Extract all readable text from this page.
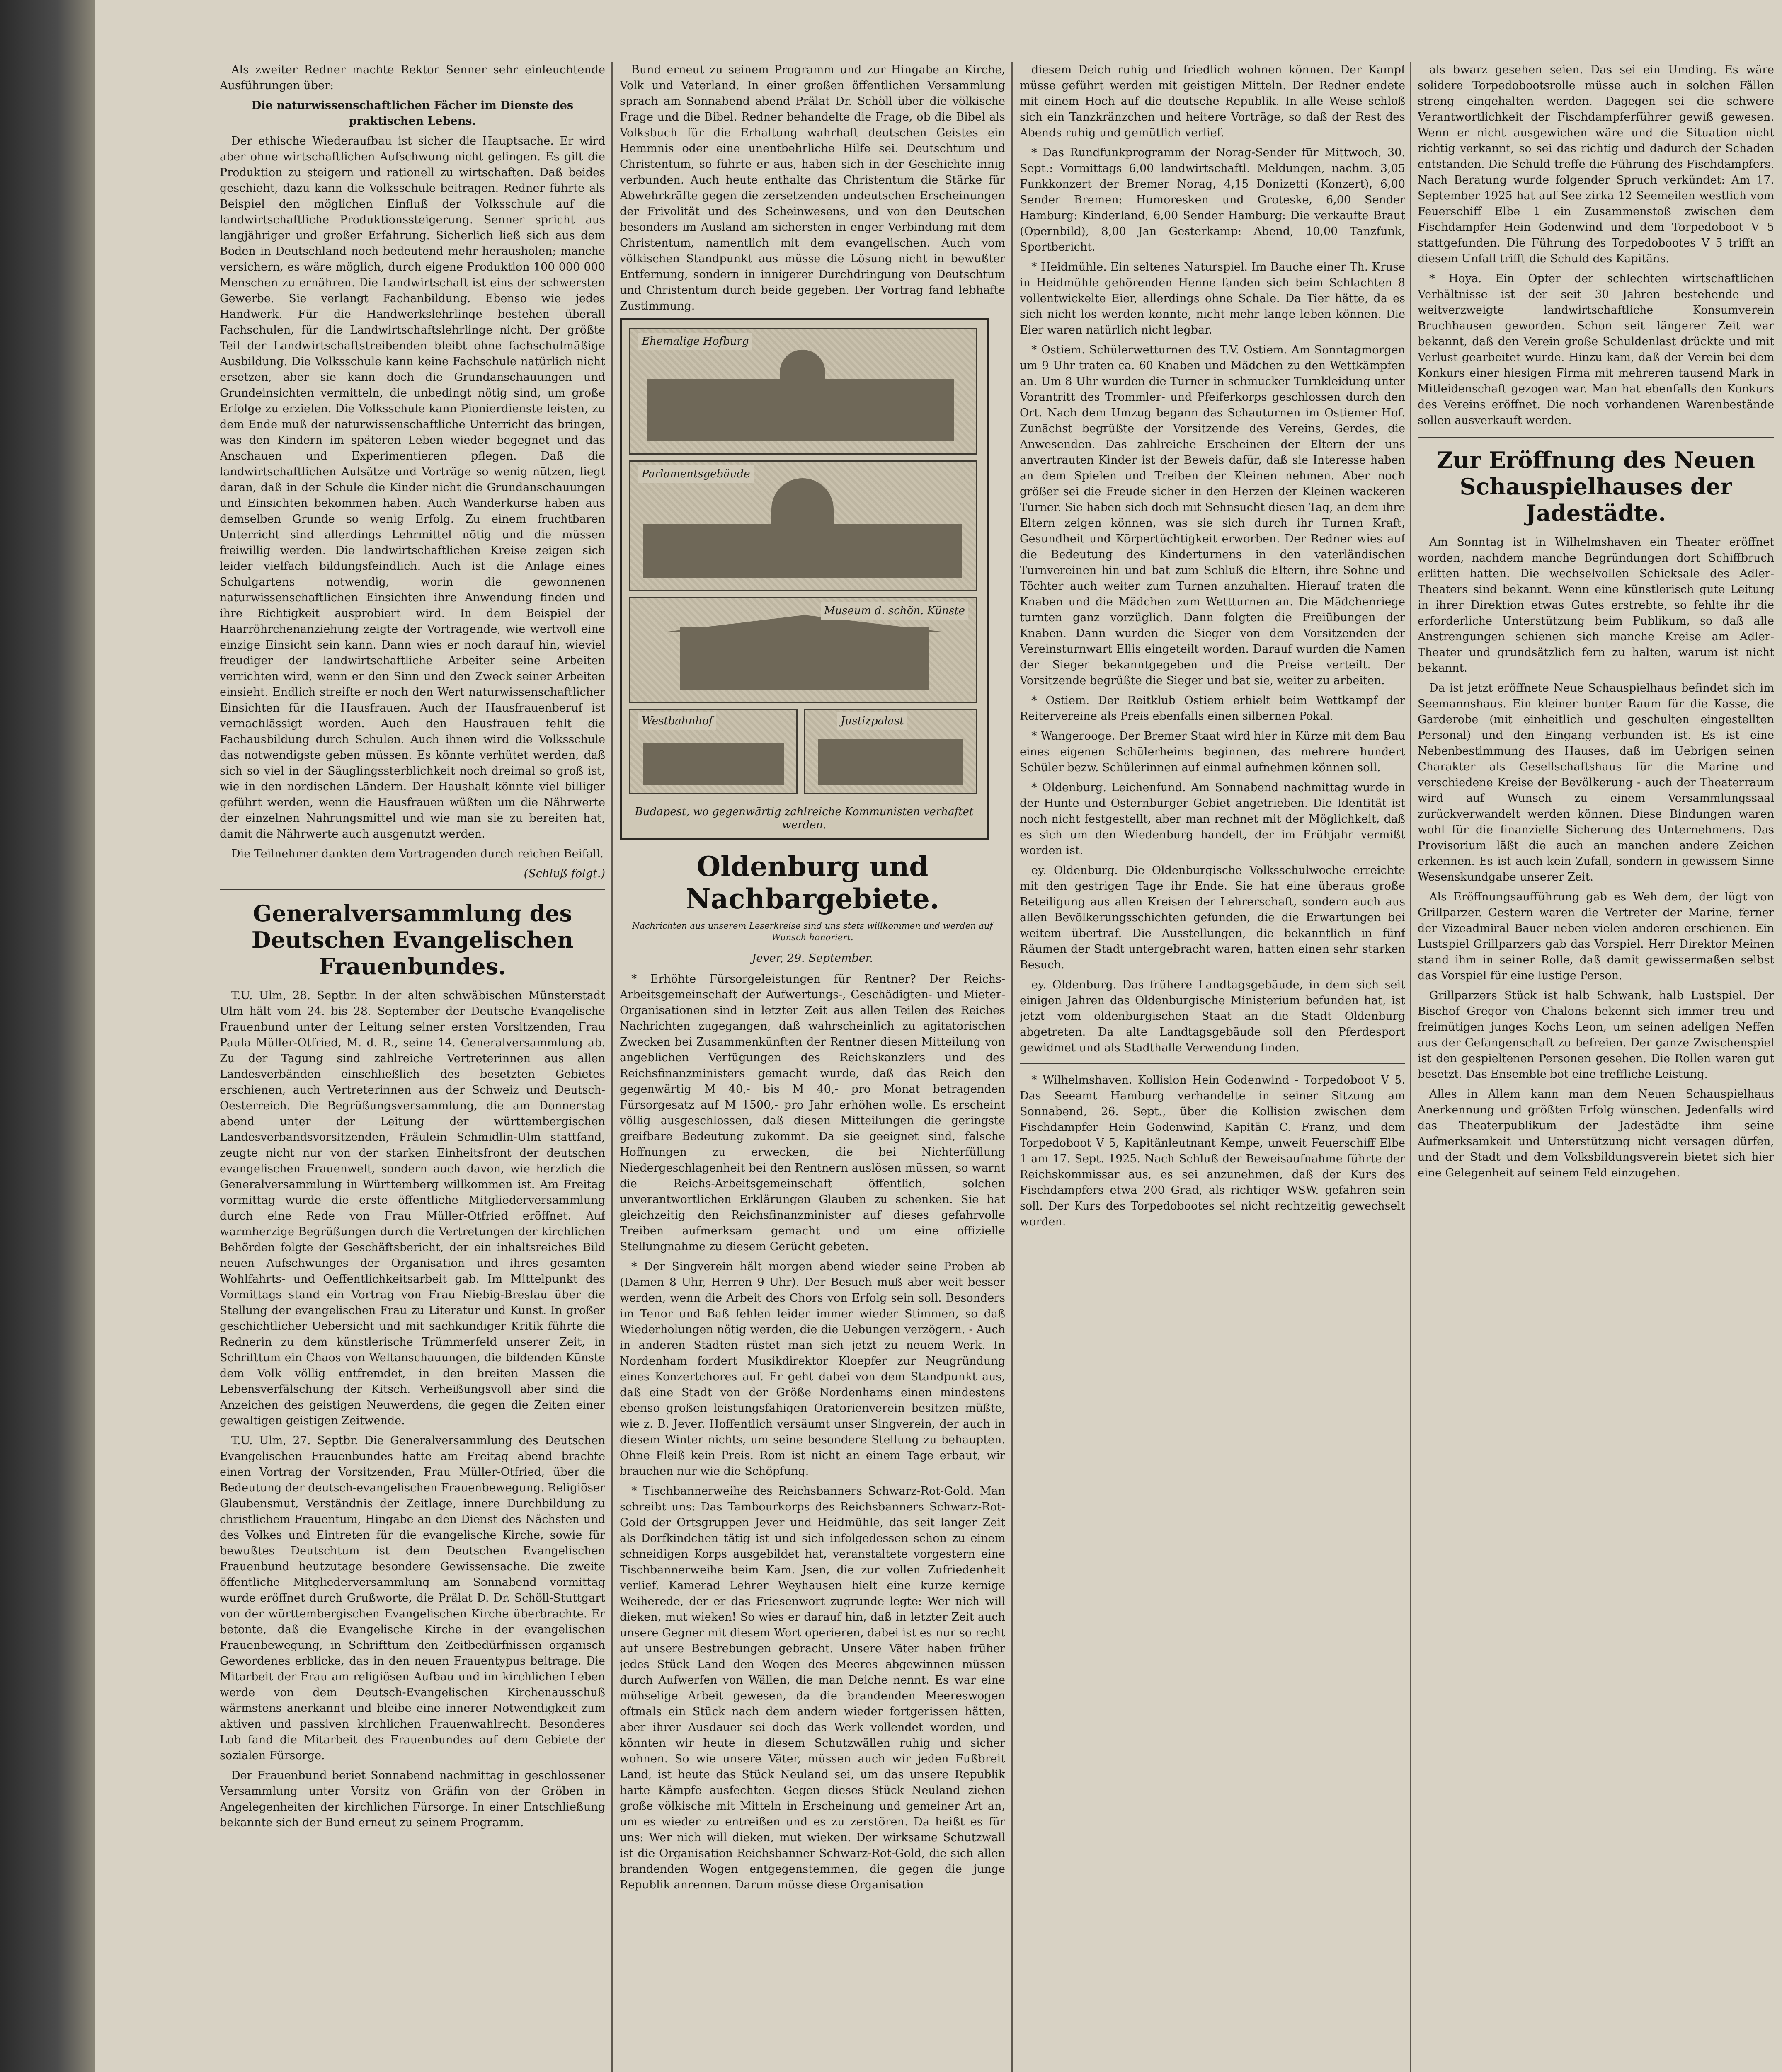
Als zweiter Redner machte Rektor Senner sehr einleuchtende Ausführungen über:

Die naturwissenschaftlichen Fächer im Dienste des praktischen Lebens.

Der ethische Wiederaufbau ist sicher die Hauptsache. Er wird aber ohne wirtschaftlichen Aufschwung nicht gelingen. Es gilt die Produktion zu steigern und rationell zu wirtschaften. Daß beides geschieht, dazu kann die Volksschule beitragen. Redner führte als Beispiel den möglichen Einfluß der Volksschule auf die landwirtschaftliche Produktionssteigerung. Senner spricht aus langjähriger und großer Erfahrung. Sicherlich ließ sich aus dem Boden in Deutschland noch bedeutend mehr herausholen; manche versichern, es wäre möglich, durch eigene Produktion 100 000 000 Menschen zu ernähren. Die Landwirtschaft ist eins der schwersten Gewerbe. Sie verlangt Fachanbildung. Ebenso wie jedes Handwerk. Für die Handwerkslehrlinge bestehen überall Fachschulen, für die Landwirtschaftslehrlinge nicht. Der größte Teil der Landwirtschaftstreibenden bleibt ohne fachschulmäßige Ausbildung. Die Volksschule kann keine Fachschule natürlich nicht ersetzen, aber sie kann doch die Grundanschauungen und Grundeinsichten vermitteln, die unbedingt nötig sind, um große Erfolge zu erzielen. Die Volksschule kann Pionierdienste leisten, zu dem Ende muß der naturwissenschaftliche Unterricht das bringen, was den Kindern im späteren Leben wieder begegnet und das Anschauen und Experimentieren pflegen. Daß die landwirtschaftlichen Aufsätze und Vorträge so wenig nützen, liegt daran, daß in der Schule die Kinder nicht die Grundanschauungen und Einsichten bekommen haben. Auch Wanderkurse haben aus demselben Grunde so wenig Erfolg. Zu einem fruchtbaren Unterricht sind allerdings Lehrmittel nötig und die müssen freiwillig werden. Die landwirtschaftlichen Kreise zeigen sich leider vielfach bildungsfeindlich. Auch ist die Anlage eines Schulgartens notwendig, worin die gewonnenen naturwissenschaftlichen Einsichten ihre Anwendung finden und ihre Richtigkeit ausprobiert wird. In dem Beispiel der Haarröhrchenanziehung zeigte der Vortragende, wie wertvoll eine einzige Einsicht sein kann. Dann wies er noch darauf hin, wieviel freudiger der landwirtschaftliche Arbeiter seine Arbeiten verrichten wird, wenn er den Sinn und den Zweck seiner Arbeiten einsieht. Endlich streifte er noch den Wert naturwissenschaftlicher Einsichten für die Hausfrauen. Auch der Hausfrauenberuf ist vernachlässigt worden. Auch den Hausfrauen fehlt die Fachausbildung durch Schulen. Auch ihnen wird die Volksschule das notwendigste geben müssen. Es könnte verhütet werden, daß sich so viel in der Säuglingssterblichkeit noch dreimal so groß ist, wie in den nordischen Ländern. Der Haushalt könnte viel billiger geführt werden, wenn die Hausfrauen wüßten um die Nährwerte der einzelnen Nahrungsmittel und wie man sie zu bereiten hat, damit die Nährwerte auch ausgenutzt werden.

Die Teilnehmer dankten dem Vortragenden durch reichen Beifall.

(Schluß folgt.)

Generalversammlung des Deutschen Evangelischen Frauenbundes.

T.U. Ulm, 28. Septbr. In der alten schwäbischen Münsterstadt Ulm hält vom 24. bis 28. September der Deutsche Evangelische Frauenbund unter der Leitung seiner ersten Vorsitzenden, Frau Paula Müller-Otfried, M. d. R., seine 14. Generalversammlung ab. Zu der Tagung sind zahlreiche Vertreterinnen aus allen Landesverbänden einschließlich des besetzten Gebietes erschienen, auch Vertreterinnen aus der Schweiz und Deutsch-Oesterreich. Die Begrüßungsversammlung, die am Donnerstag abend unter der Leitung der württembergischen Landesverbandsvorsitzenden, Fräulein Schmidlin-Ulm stattfand, zeugte nicht nur von der starken Einheitsfront der deutschen evangelischen Frauenwelt, sondern auch davon, wie herzlich die Generalversammlung in Württemberg willkommen ist. Am Freitag vormittag wurde die erste öffentliche Mitgliederversammlung durch eine Rede von Frau Müller-Otfried eröffnet. Auf warmherzige Begrüßungen durch die Vertretungen der kirchlichen Behörden folgte der Geschäftsbericht, der ein inhaltsreiches Bild neuen Aufschwunges der Organisation und ihres gesamten Wohlfahrts- und Oeffentlichkeitsarbeit gab. Im Mittelpunkt des Vormittags stand ein Vortrag von Frau Niebig-Breslau über die Stellung der evangelischen Frau zu Literatur und Kunst. In großer geschichtlicher Uebersicht und mit sachkundiger Kritik führte die Rednerin zu dem künstlerische Trümmerfeld unserer Zeit, in Schrifttum ein Chaos von Weltanschauungen, die bildenden Künste dem Volk völlig entfremdet, in den breiten Massen die Lebensverfälschung der Kitsch. Verheißungsvoll aber sind die Anzeichen des geistigen Neuwerdens, die gegen die Zeiten einer gewaltigen geistigen Zeitwende.

T.U. Ulm, 27. Septbr. Die Generalversammlung des Deutschen Evangelischen Frauenbundes hatte am Freitag abend brachte einen Vortrag der Vorsitzenden, Frau Müller-Otfried, über die Bedeutung der deutsch-evangelischen Frauenbewegung. Religiöser Glaubensmut, Verständnis der Zeitlage, innere Durchbildung zu christlichem Frauentum, Hingabe an den Dienst des Nächsten und des Volkes und Eintreten für die evangelische Kirche, sowie für bewußtes Deutschtum ist dem Deutschen Evangelischen Frauenbund heutzutage besondere Gewissensache. Die zweite öffentliche Mitgliederversammlung am Sonnabend vormittag wurde eröffnet durch Grußworte, die Prälat D. Dr. Schöll-Stuttgart von der württembergischen Evangelischen Kirche überbrachte. Er betonte, daß die Evangelische Kirche in der evangelischen Frauenbewegung, in Schrifttum den Zeitbedürfnissen organisch Gewordenes erblicke, das in den neuen Frauentypus beitrage. Die Mitarbeit der Frau am religiösen Aufbau und im kirchlichen Leben werde von dem Deutsch-Evangelischen Kirchenausschuß wärmstens anerkannt und bleibe eine innerer Notwendigkeit zum aktiven und passiven kirchlichen Frauenwahlrecht. Besonderes Lob fand die Mitarbeit des Frauenbundes auf dem Gebiete der sozialen Fürsorge.

Der Frauenbund beriet Sonnabend nachmittag in geschlossener Versammlung unter Vorsitz von Gräfin von der Gröben in Angelegenheiten der kirchlichen Fürsorge. In einer Entschließung bekannte sich der Bund erneut zu seinem Programm.

Bund erneut zu seinem Programm und zur Hingabe an Kirche, Volk und Vaterland. In einer großen öffentlichen Versammlung sprach am Sonnabend abend Prälat Dr. Schöll über die völkische Frage und die Bibel. Redner behandelte die Frage, ob die Bibel als Volksbuch für die Erhaltung wahrhaft deutschen Geistes ein Hemmnis oder eine unentbehrliche Hilfe sei. Deutschtum und Christentum, so führte er aus, haben sich in der Geschichte innig verbunden. Auch heute enthalte das Christentum die Stärke für Abwehrkräfte gegen die zersetzenden undeutschen Erscheinungen der Frivolität und des Scheinwesens, und von den Deutschen besonders im Ausland am sichersten in enger Verbindung mit dem Christentum, namentlich mit dem evangelischen. Auch vom völkischen Standpunkt aus müsse die Lösung nicht in bewußter Entfernung, sondern in innigerer Durchdringung von Deutschtum und Christentum durch beide gegeben. Der Vortrag fand lebhafte Zustimmung.

Ehemalige Hofburg
Parlamentsgebäude
Museum d. schön. Künste
Westbahnhof	Justizpalast
Budapest, wo gegenwärtig zahlreiche Kommunisten verhaftet werden.
Oldenburg und Nachbargebiete.

Nachrichten aus unserem Leserkreise sind uns stets willkommen und werden auf Wunsch honoriert.

Jever, 29. September.

* Erhöhte Fürsorgeleistungen für Rentner? Der Reichs-Arbeitsgemeinschaft der Aufwertungs-, Geschädigten- und Mieter-Organisationen sind in letzter Zeit aus allen Teilen des Reiches Nachrichten zugegangen, daß wahrscheinlich zu agitatorischen Zwecken bei Zusammenkünften der Rentner diesen Mitteilung von angeblichen Verfügungen des Reichskanzlers und des Reichsfinanzministers gemacht wurde, daß das Reich den gegenwärtig M 40,- bis M 40,- pro Monat betragenden Fürsorgesatz auf M 1500,- pro Jahr erhöhen wolle. Es erscheint völlig ausgeschlossen, daß diesen Mitteilungen die geringste greifbare Bedeutung zukommt. Da sie geeignet sind, falsche Hoffnungen zu erwecken, die bei Nichterfüllung Niedergeschlagenheit bei den Rentnern auslösen müssen, so warnt die Reichs-Arbeitsgemeinschaft öffentlich, solchen unverantwortlichen Erklärungen Glauben zu schenken. Sie hat gleichzeitig den Reichsfinanzminister auf dieses gefahrvolle Treiben aufmerksam gemacht und um eine offizielle Stellungnahme zu diesem Gerücht gebeten.

* Der Singverein hält morgen abend wieder seine Proben ab (Damen 8 Uhr, Herren 9 Uhr). Der Besuch muß aber weit besser werden, wenn die Arbeit des Chors von Erfolg sein soll. Besonders im Tenor und Baß fehlen leider immer wieder Stimmen, so daß Wiederholungen nötig werden, die die Uebungen verzögern. - Auch in anderen Städten rüstet man sich jetzt zu neuem Werk. In Nordenham fordert Musikdirektor Kloepfer zur Neugründung eines Konzertchores auf. Er geht dabei von dem Standpunkt aus, daß eine Stadt von der Größe Nordenhams einen mindestens ebenso großen leistungsfähigen Oratorienverein besitzen müßte, wie z. B. Jever. Hoffentlich versäumt unser Singverein, der auch in diesem Winter nichts, um seine besondere Stellung zu behaupten. Ohne Fleiß kein Preis. Rom ist nicht an einem Tage erbaut, wir brauchen nur wie die Schöpfung.

* Tischbannerweihe des Reichsbanners Schwarz-Rot-Gold. Man schreibt uns: Das Tambourkorps des Reichsbanners Schwarz-Rot-Gold der Ortsgruppen Jever und Heidmühle, das seit langer Zeit als Dorfkindchen tätig ist und sich infolgedessen schon zu einem schneidigen Korps ausgebildet hat, veranstaltete vorgestern eine Tischbannerweihe beim Kam. Jsen, die zur vollen Zufriedenheit verlief. Kamerad Lehrer Weyhausen hielt eine kurze kernige Weiherede, der er das Friesenwort zugrunde legte: Wer nich will dieken, mut wieken! So wies er darauf hin, daß in letzter Zeit auch unsere Gegner mit diesem Wort operieren, dabei ist es nur so recht auf unsere Bestrebungen gebracht. Unsere Väter haben früher jedes Stück Land den Wogen des Meeres abgewinnen müssen durch Aufwerfen von Wällen, die man Deiche nennt. Es war eine mühselige Arbeit gewesen, da die brandenden Meereswogen oftmals ein Stück nach dem andern wieder fortgerissen hätten, aber ihrer Ausdauer sei doch das Werk vollendet worden, und könnten wir heute in diesem Schutzwällen ruhig und sicher wohnen. So wie unsere Väter, müssen auch wir jeden Fußbreit Land, ist heute das Stück Neuland sei, um das unsere Republik harte Kämpfe ausfechten. Gegen dieses Stück Neuland ziehen große völkische mit Mitteln in Erscheinung und gemeiner Art an, um es wieder zu entreißen und es zu zerstören. Da heißt es für uns: Wer nich will dieken, mut wieken. Der wirksame Schutzwall ist die Organisation Reichsbanner Schwarz-Rot-Gold, die sich allen brandenden Wogen entgegenstemmen, die gegen die junge Republik anrennen. Darum müsse diese Organisation

diesem Deich ruhig und friedlich wohnen können. Der Kampf müsse geführt werden mit geistigen Mitteln. Der Redner endete mit einem Hoch auf die deutsche Republik. In alle Weise schloß sich ein Tanzkränzchen und heitere Vorträge, so daß der Rest des Abends ruhig und gemütlich verlief.

* Das Rundfunkprogramm der Norag-Sender für Mittwoch, 30. Sept.: Vormittags 6,00 landwirtschaftl. Meldungen, nachm. 3,05 Funkkonzert der Bremer Norag, 4,15 Donizetti (Konzert), 6,00 Sender Bremen: Humoresken und Groteske, 6,00 Sender Hamburg: Kinderland, 6,00 Sender Hamburg: Die verkaufte Braut (Opernbild), 8,00 Jan Gesterkamp: Abend, 10,00 Tanzfunk, Sportbericht.

* Heidmühle. Ein seltenes Naturspiel. Im Bauche einer Th. Kruse in Heidmühle gehörenden Henne fanden sich beim Schlachten 8 vollentwickelte Eier, allerdings ohne Schale. Da Tier hätte, da es sich nicht los werden konnte, nicht mehr lange leben können. Die Eier waren natürlich nicht legbar.

* Ostiem. Schülerwetturnen des T.V. Ostiem. Am Sonntagmorgen um 9 Uhr traten ca. 60 Knaben und Mädchen zu den Wettkämpfen an. Um 8 Uhr wurden die Turner in schmucker Turnkleidung unter Vorantritt des Trommler- und Pfeiferkorps geschlossen durch den Ort. Nach dem Umzug begann das Schauturnen im Ostiemer Hof. Zunächst begrüßte der Vorsitzende des Vereins, Gerdes, die Anwesenden. Das zahlreiche Erscheinen der Eltern der uns anvertrauten Kinder ist der Beweis dafür, daß sie Interesse haben an dem Spielen und Treiben der Kleinen nehmen. Aber noch größer sei die Freude sicher in den Herzen der Kleinen wackeren Turner. Sie haben sich doch mit Sehnsucht diesen Tag, an dem ihre Eltern zeigen können, was sie sich durch ihr Turnen Kraft, Gesundheit und Körpertüchtigkeit erworben. Der Redner wies auf die Bedeutung des Kinderturnens in den vaterländischen Turnvereinen hin und bat zum Schluß die Eltern, ihre Söhne und Töchter auch weiter zum Turnen anzuhalten. Hierauf traten die Knaben und die Mädchen zum Wettturnen an. Die Mädchenriege turnten ganz vorzüglich. Dann folgten die Freiübungen der Knaben. Dann wurden die Sieger von dem Vorsitzenden der Vereinsturnwart Ellis eingeteilt worden. Darauf wurden die Namen der Sieger bekanntgegeben und die Preise verteilt. Der Vorsitzende begrüßte die Sieger und bat sie, weiter zu arbeiten.

* Ostiem. Der Reitklub Ostiem erhielt beim Wettkampf der Reitervereine als Preis ebenfalls einen silbernen Pokal.

* Wangerooge. Der Bremer Staat wird hier in Kürze mit dem Bau eines eigenen Schülerheims beginnen, das mehrere hundert Schüler bezw. Schülerinnen auf einmal aufnehmen können soll.

* Oldenburg. Leichenfund. Am Sonnabend nachmittag wurde in der Hunte und Osternburger Gebiet angetrieben. Die Identität ist noch nicht festgestellt, aber man rechnet mit der Möglichkeit, daß es sich um den Wiedenburg handelt, der im Frühjahr vermißt worden ist.

ey. Oldenburg. Die Oldenburgische Volksschulwoche erreichte mit den gestrigen Tage ihr Ende. Sie hat eine überaus große Beteiligung aus allen Kreisen der Lehrerschaft, sondern auch aus allen Bevölkerungsschichten gefunden, die die Erwartungen bei weitem übertraf. Die Ausstellungen, die bekanntlich in fünf Räumen der Stadt untergebracht waren, hatten einen sehr starken Besuch.

ey. Oldenburg. Das frühere Landtagsgebäude, in dem sich seit einigen Jahren das Oldenburgische Ministerium befunden hat, ist jetzt vom oldenburgischen Staat an die Stadt Oldenburg abgetreten. Da alte Landtagsgebäude soll den Pferdesport gewidmet und als Stadthalle Verwendung finden.

* Wilhelmshaven. Kollision Hein Godenwind - Torpedoboot V 5. Das Seeamt Hamburg verhandelte in seiner Sitzung am Sonnabend, 26. Sept., über die Kollision zwischen dem Fischdampfer Hein Godenwind, Kapitän C. Franz, und dem Torpedoboot V 5, Kapitänleutnant Kempe, unweit Feuerschiff Elbe 1 am 17. Sept. 1925. Nach Schluß der Beweisaufnahme führte der Reichskommissar aus, es sei anzunehmen, daß der Kurs des Fischdampfers etwa 200 Grad, als richtiger WSW. gefahren sein soll. Der Kurs des Torpedobootes sei nicht rechtzeitig gewechselt worden.

als bwarz gesehen seien. Das sei ein Umding. Es wäre solidere Torpedobootsrolle müsse auch in solchen Fällen streng eingehalten werden. Dagegen sei die schwere Verantwortlichkeit der Fischdampferführer gewiß gewesen. Wenn er nicht ausgewichen wäre und die Situation nicht richtig verkannt, so sei das richtig und dadurch der Schaden entstanden. Die Schuld treffe die Führung des Fischdampfers. Nach Beratung wurde folgender Spruch verkündet: Am 17. September 1925 hat auf See zirka 12 Seemeilen westlich vom Feuerschiff Elbe 1 ein Zusammenstoß zwischen dem Fischdampfer Hein Godenwind und dem Torpedoboot V 5 stattgefunden. Die Führung des Torpedobootes V 5 trifft an diesem Unfall trifft die Schuld des Kapitäns.

* Hoya. Ein Opfer der schlechten wirtschaftlichen Verhältnisse ist der seit 30 Jahren bestehende und weitverzweigte landwirtschaftliche Konsumverein Bruchhausen geworden. Schon seit längerer Zeit war bekannt, daß den Verein große Schuldenlast drückte und mit Verlust gearbeitet wurde. Hinzu kam, daß der Verein bei dem Konkurs einer hiesigen Firma mit mehreren tausend Mark in Mitleidenschaft gezogen war. Man hat ebenfalls den Konkurs des Vereins eröffnet. Die noch vorhandenen Warenbestände sollen ausverkauft werden.

Zur Eröffnung des Neuen Schauspielhauses der Jadestädte.

Am Sonntag ist in Wilhelmshaven ein Theater eröffnet worden, nachdem manche Begründungen dort Schiffbruch erlitten hatten. Die wechselvollen Schicksale des Adler-Theaters sind bekannt. Wenn eine künstlerisch gute Leitung in ihrer Direktion etwas Gutes erstrebte, so fehlte ihr die erforderliche Unterstützung beim Publikum, so daß alle Anstrengungen schienen sich manche Kreise am Adler-Theater und grundsätzlich fern zu halten, warum ist nicht bekannt.

Da ist jetzt eröffnete Neue Schauspielhaus befindet sich im Seemannshaus. Ein kleiner bunter Raum für die Kasse, die Garderobe (mit einheitlich und geschulten eingestellten Personal) und den Eingang verbunden ist. Es ist eine Nebenbestimmung des Hauses, daß im Uebrigen seinen Charakter als Gesellschaftshaus für die Marine und verschiedene Kreise der Bevölkerung - auch der Theaterraum wird auf Wunsch zu einem Versammlungssaal zurückverwandelt werden können. Diese Bindungen waren wohl für die finanzielle Sicherung des Unternehmens. Das Provisorium läßt die auch an manchen andere Zeichen erkennen. Es ist auch kein Zufall, sondern in gewissem Sinne Wesenskundgabe unserer Zeit.

Als Eröffnungsaufführung gab es Weh dem, der lügt von Grillparzer. Gestern waren die Vertreter der Marine, ferner der Vizeadmiral Bauer neben vielen anderen erschienen. Ein Lustspiel Grillparzers gab das Vorspiel. Herr Direktor Meinen stand ihm in seiner Rolle, daß damit gewissermaßen selbst das Vorspiel für eine lustige Person.

Grillparzers Stück ist halb Schwank, halb Lustspiel. Der Bischof Gregor von Chalons bekennt sich immer treu und freimütigen junges Kochs Leon, um seinen adeligen Neffen aus der Gefangenschaft zu befreien. Der ganze Zwischenspiel ist den gespieltenen Personen gesehen. Die Rollen waren gut besetzt. Das Ensemble bot eine treffliche Leistung.

Alles in Allem kann man dem Neuen Schauspielhaus Anerkennung und größten Erfolg wünschen. Jedenfalls wird das Theaterpublikum der Jadestädte ihm seine Aufmerksamkeit und Unterstützung nicht versagen dürfen, und der Stadt und dem Volksbildungsverein bietet sich hier eine Gelegenheit auf seinem Feld einzugehen.
